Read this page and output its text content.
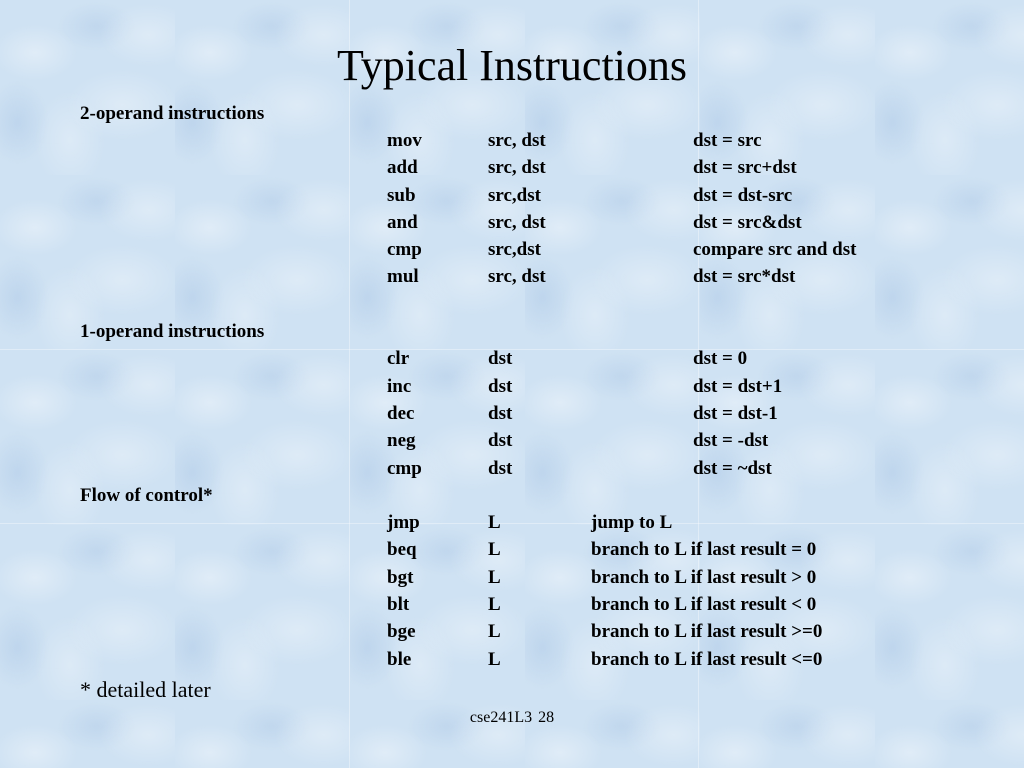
Typical Instructions
2-operand instructions
mov	src, dst	dst = src
add	src, dst	dst = src+dst
sub	src,dst	dst = dst-src
and	src, dst	dst = src&dst
cmp	src,dst	compare src and dst
mul	src, dst	dst = src*dst
1-operand instructions
clr	dst	dst = 0
inc	dst	dst = dst+1
dec	dst	dst = dst-1
neg	dst	dst = -dst
cmp	dst	dst = ~dst
Flow of control*
jmp	L	jump to L
beq	L	branch to L if last result = 0
bgt	L	branch to L if last result > 0
blt	L	branch to L if last result < 0
bge	L	branch to L if last result >=0
ble	L	branch to L if last result <=0
* detailed later
cse241L3 28
